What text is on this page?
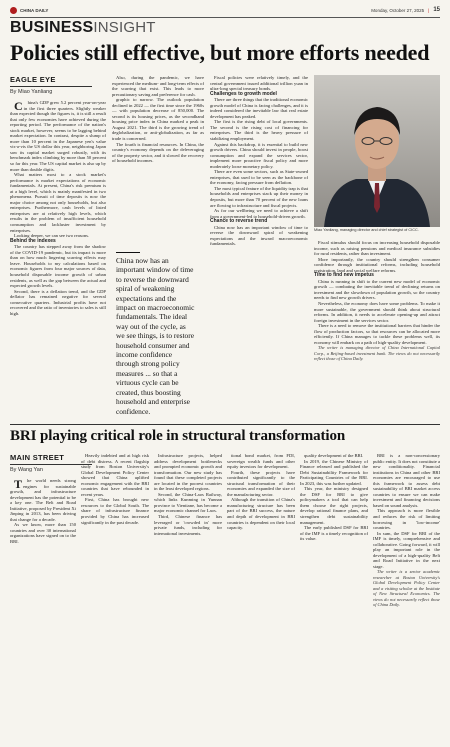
CHINA DAILY	Monday, October 27, 2025 | 15
BUSINESSINSIGHT
Policies still effective, but more efforts needed
EAGLE EYE
By Miao Yanliang

C hina's GDP grew 5.2 percent year-on-year in the first three quarters. Slightly weaker than expected though the figures is, it is still a result that only few economies have achieved during the reporting period. The performance of the nation's stock market, however, seems to be lagging behind market expectation. In contrast, despite a slump of more than 10 percent in the Japanese yen's value vis-a-vis the US dollar this year, neighboring Japan saw its capital market surged robustly, with its benchmark index climbing by more than 50 percent so far this year. The US capital market is also up by more than double digits.

What matters most to a stock market's performance is market expectations of economic fundamentals. At present, China's risk premium is at a high level, which is mainly manifested in two phenomena. Pursuit of time deposits is now the major choice among not only households, but also enterprises. Furthermore, cash levels of listed enterprises are at relatively high levels, which results in the problem of insufficient household consumption and lackluster investment by enterprises.

Looking deeper, we can see two reasons.

Behind the indexes

The country has stepped away from the shadow of the COVID-19 pandemic, but its impact is more than on how much lingering scarring effects may leave. Households to my calculations based on economic figures from four major sources of data, household disposable income growth of urban residents, as well as the gap between the actual and expected growth levels.

Second, there is a deflation trend, and the GDP deflator has remained negative for several consecutive quarters. Industrial profits have not recovered and the ratio of inventories to sales is still high.

Also, during the pandemic, we have experienced the medium- and long-term effects of the scarring that exist. This leads to more precautionary saving and preference for cash.

graphic to narrow. The outlook population declined in 2022 — the first time since the 1960s — with population decrease of 850,000. The second is its housing prices, as the secondhand housing price index in China marked a peak in August 2021. The third is the growing trend of deglobalization, or anti-globalization, as far as trade is concerned.

The fourth is financial resources. In China, the country's economy depends on the deleveraging of the property sector, and it slowed the recovery of household incomes.

China now has an important window of time to reverse the downward spiral of weakening expectations and the impact on macroeconomic fundamentals. The ideal way out of the cycle, as we see things, is to restore household consumer and income confidence through strong policy measures ... so that a virtuous cycle can be created, thus boosting household and enterprise confidence.

Fiscal policies were relatively timely, and the central government issued additional trillion yuan in ultra-long special treasury bonds.

Challenges to growth model

There are three things that the traditional economic growth model of China is facing challenges, and it is indeed considered the inevitable law that real estate development has peaked.

The first is the rising debt of local governments. The second is the rising cost of financing for enterprises. The third is the heavy pressure of stabilizing employment.

Against this backdrop, it is essential to build new growth drivers. China should invest in people, boost consumption and expand the services sector, implement more proactive fiscal policy and more moderately loose monetary policy.

There are even some sectors, such as State-owned enterprises, that used to be seen as the backbone of the economy, facing pressure from deflation.

The most typical feature of the liquidity trap is that households and enterprises stack up their money in deposits, but more than 70 percent of the new loans are flowing to infrastructure and fiscal projects.

As for our wellbeing we need to achieve a shift from a government-led to household-driven growth.

Chance to reverse trend

China now has an important window of time to reverse the downward spiral of weakening expectations and the inward macroeconomic fundamentals.

Miao Yanliang, managing director and chief strategist of CICC.

Fiscal stimulus should focus on increasing household disposable income, such as raising pensions and medical insurance subsidies for rural residents, rather than investment.

More importantly, the country should strengthen consumer confidence through institutional reforms, including household registration, land and social welfare reforms.

Time to find new impetus

China is running in shift to the current new model of economic growth — combating the inevitable trend of declining returns on investment and the slowdown of population growth, so the country needs to find new growth drivers.

Nevertheless, the economy does have some problems. To make it more sustainable, the government should think about structural reforms. In addition, it needs to accelerate opening-up and attract foreign investment in the services sector.

There is a need to remove the institutional barriers that hinder the flow of production factors, so that resources can be allocated more efficiently. If China manages to tackle these problems well, its economy will embark on a path of high-quality development.

The writer is managing director of China International Capital Corp., a Beijing-based investment bank. The views do not necessarily reflect those of China Daily.

BRI playing critical role in structural transformation
MAIN STREET
By Wang Yan

T he world needs strong engines for sustainable growth, and infrastructure development has the potential to be a key one. The Belt and Road Initiative, proposed by President Xi Jinping in 2013, has been driving that change for a decade.

As we know, more than 150 countries and over 30 international organizations have signed on to the BRI.

Heavily indebted and at high risk of debt distress. A recent flagship study from Boston University's Global Development Policy Center showed that China uplifted economic engagement with the BRI countries that have rebounded in recent years.

First, China has brought new resources to the Global South. The share of infrastructure finance provided by China has increased significantly in the past decade.

Infrastructure projects, helped address development bottlenecks and prompted economic growth and transformation. Our new study has found that these completed projects are located in the poorest countries in the least developed regions.

Second, the China-Laos Railway, which links Kunming in Yunnan province to Vientiane, has become a major economic channel for Laos.

Third, Chinese finance has leveraged or 'crowded in' more private funds, including for international investments.

tional bond market, from FDI, sovereign wealth funds and other equity investors for development.

Fourth, these projects have contributed significantly to the structural transformation of their economies and expanded the size of the manufacturing sector.

Although the transition of China's manufacturing structure has been part of the BRI success, the nature and depth of development in BRI countries is dependent on their local capacity.

quality development of the BRI.

In 2019, the Chinese Ministry of Finance released and published the Debt Sustainability Framework for Participating Countries of the BRI. In 2023, this was further updated.

This year, the ministry designed the DSF for BRI to give policymakers a tool that can help them choose the right projects, develop rational finance plans, and strengthen debt sustainability management.

The early published DSF for BRI of the IMF is a timely recognition of its value.

BRI is a non-concessionary public entity. It does not constitute a new conditionality. Financial institutions in China and other BRI economies are encouraged to use this framework to assess debt sustainability of BRI market access countries to ensure we can make investment and financing decisions based on sound analysis.

This approach is more flexible and reduces the risk of limiting borrowing in 'low-income' countries.

In sum, the DSF for BRI of the IMF is timely, comprehensive and collaborative. Going forward, it will play an important role in the development of a high-quality Belt and Road Initiative in the next stage.

The writer is a senior academic researcher at Boston University's Global Development Policy Center and a visiting scholar at the Institute of New Structural Economics. The views do not necessarily reflect those of China Daily.
